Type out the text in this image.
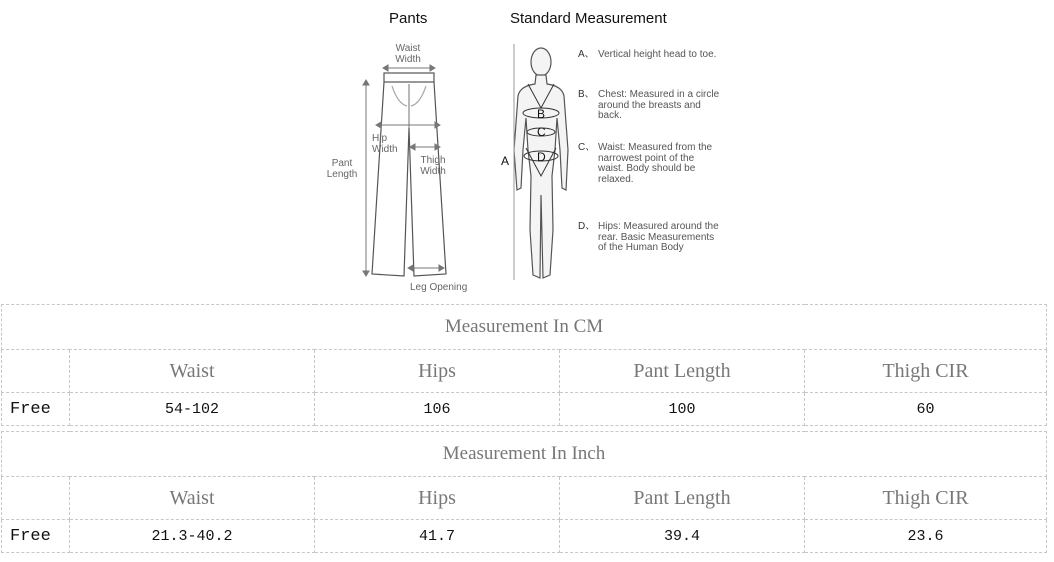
Pants	Standard Measurement
Waist
Width
Hip
Width
Thigh
Width
Pant
Length
Leg Opening
A
B
C
D
A、 Vertical height head to toe.
B、 Chest: Measured in a circle around the breasts and back.
C、 Waist: Measured from the narrowest point of the waist. Body should be relaxed.
D、 Hips: Measured around the rear. Basic Measurements of the Human Body
Measurement In CM				
	Waist	Hips	Pant Length	Thigh CIR
Free	54-102	106	100	60
Measurement In Inch				
	Waist	Hips	Pant Length	Thigh CIR
Free	21.3-40.2	41.7	39.4	23.6
